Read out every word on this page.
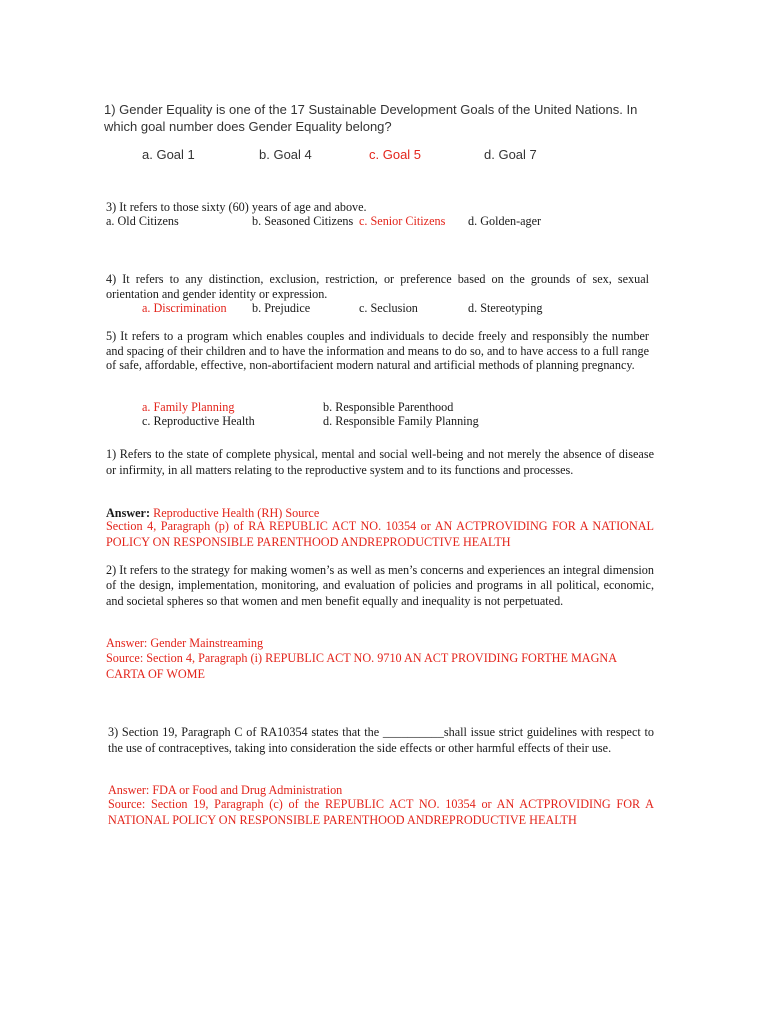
1) Gender Equality is one of the 17 Sustainable Development Goals of the United Nations. In which goal number does Gender Equality belong?

a. Goal 1	b. Goal 4	c. Goal 5	d. Goal 7

3) It refers to those sixty (60) years of age and above.

a. Old Citizens	b. Seasoned Citizens c. Senior Citizens d. Golden-ager

4) It refers to any distinction, exclusion, restriction, or preference based on the grounds of sex, sexual orientation and gender identity or expression.

a. Discrimination b. Prejudice	c. Seclusion	d. Stereotyping

5) It refers to a program which enables couples and individuals to decide freely and responsibly the number and spacing of their children and to have the information and means to do so, and to have access to a full range of safe, affordable, effective, non-abortifacient modern natural and artificial methods of planning pregnancy.

a. Family Planning	b. Responsible Parenthood
c. Reproductive Health	d. Responsible Family Planning

1) Refers to the state of complete physical, mental and social well-being and not merely the absence of disease or infirmity, in all matters relating to the reproductive system and to its functions and processes.

Answer: Reproductive Health (RH) Source

Section 4, Paragraph (p) of RA REPUBLIC ACT NO. 10354 or AN ACTPROVIDING FOR A NATIONAL POLICY ON RESPONSIBLE PARENTHOOD ANDREPRODUCTIVE HEALTH

2) It refers to the strategy for making women’s as well as men’s concerns and experiences an integral dimension of the design, implementation, monitoring, and evaluation of policies and programs in all political, economic, and societal spheres so that women and men benefit equally and inequality is not perpetuated.

Answer: Gender Mainstreaming

Source: Section 4, Paragraph (i) REPUBLIC ACT NO. 9710 AN ACT PROVIDING FORTHE MAGNA CARTA OF WOME

3) Section 19, Paragraph C of RA10354 states that the __________shall issue strict guidelines with respect to the use of contraceptives, taking into consideration the side effects or other harmful effects of their use.

Answer: FDA or Food and Drug Administration

Source: Section 19, Paragraph (c) of the REPUBLIC ACT NO. 10354 or AN ACTPROVIDING FOR A NATIONAL POLICY ON RESPONSIBLE PARENTHOOD ANDREPRODUCTIVE HEALTH
